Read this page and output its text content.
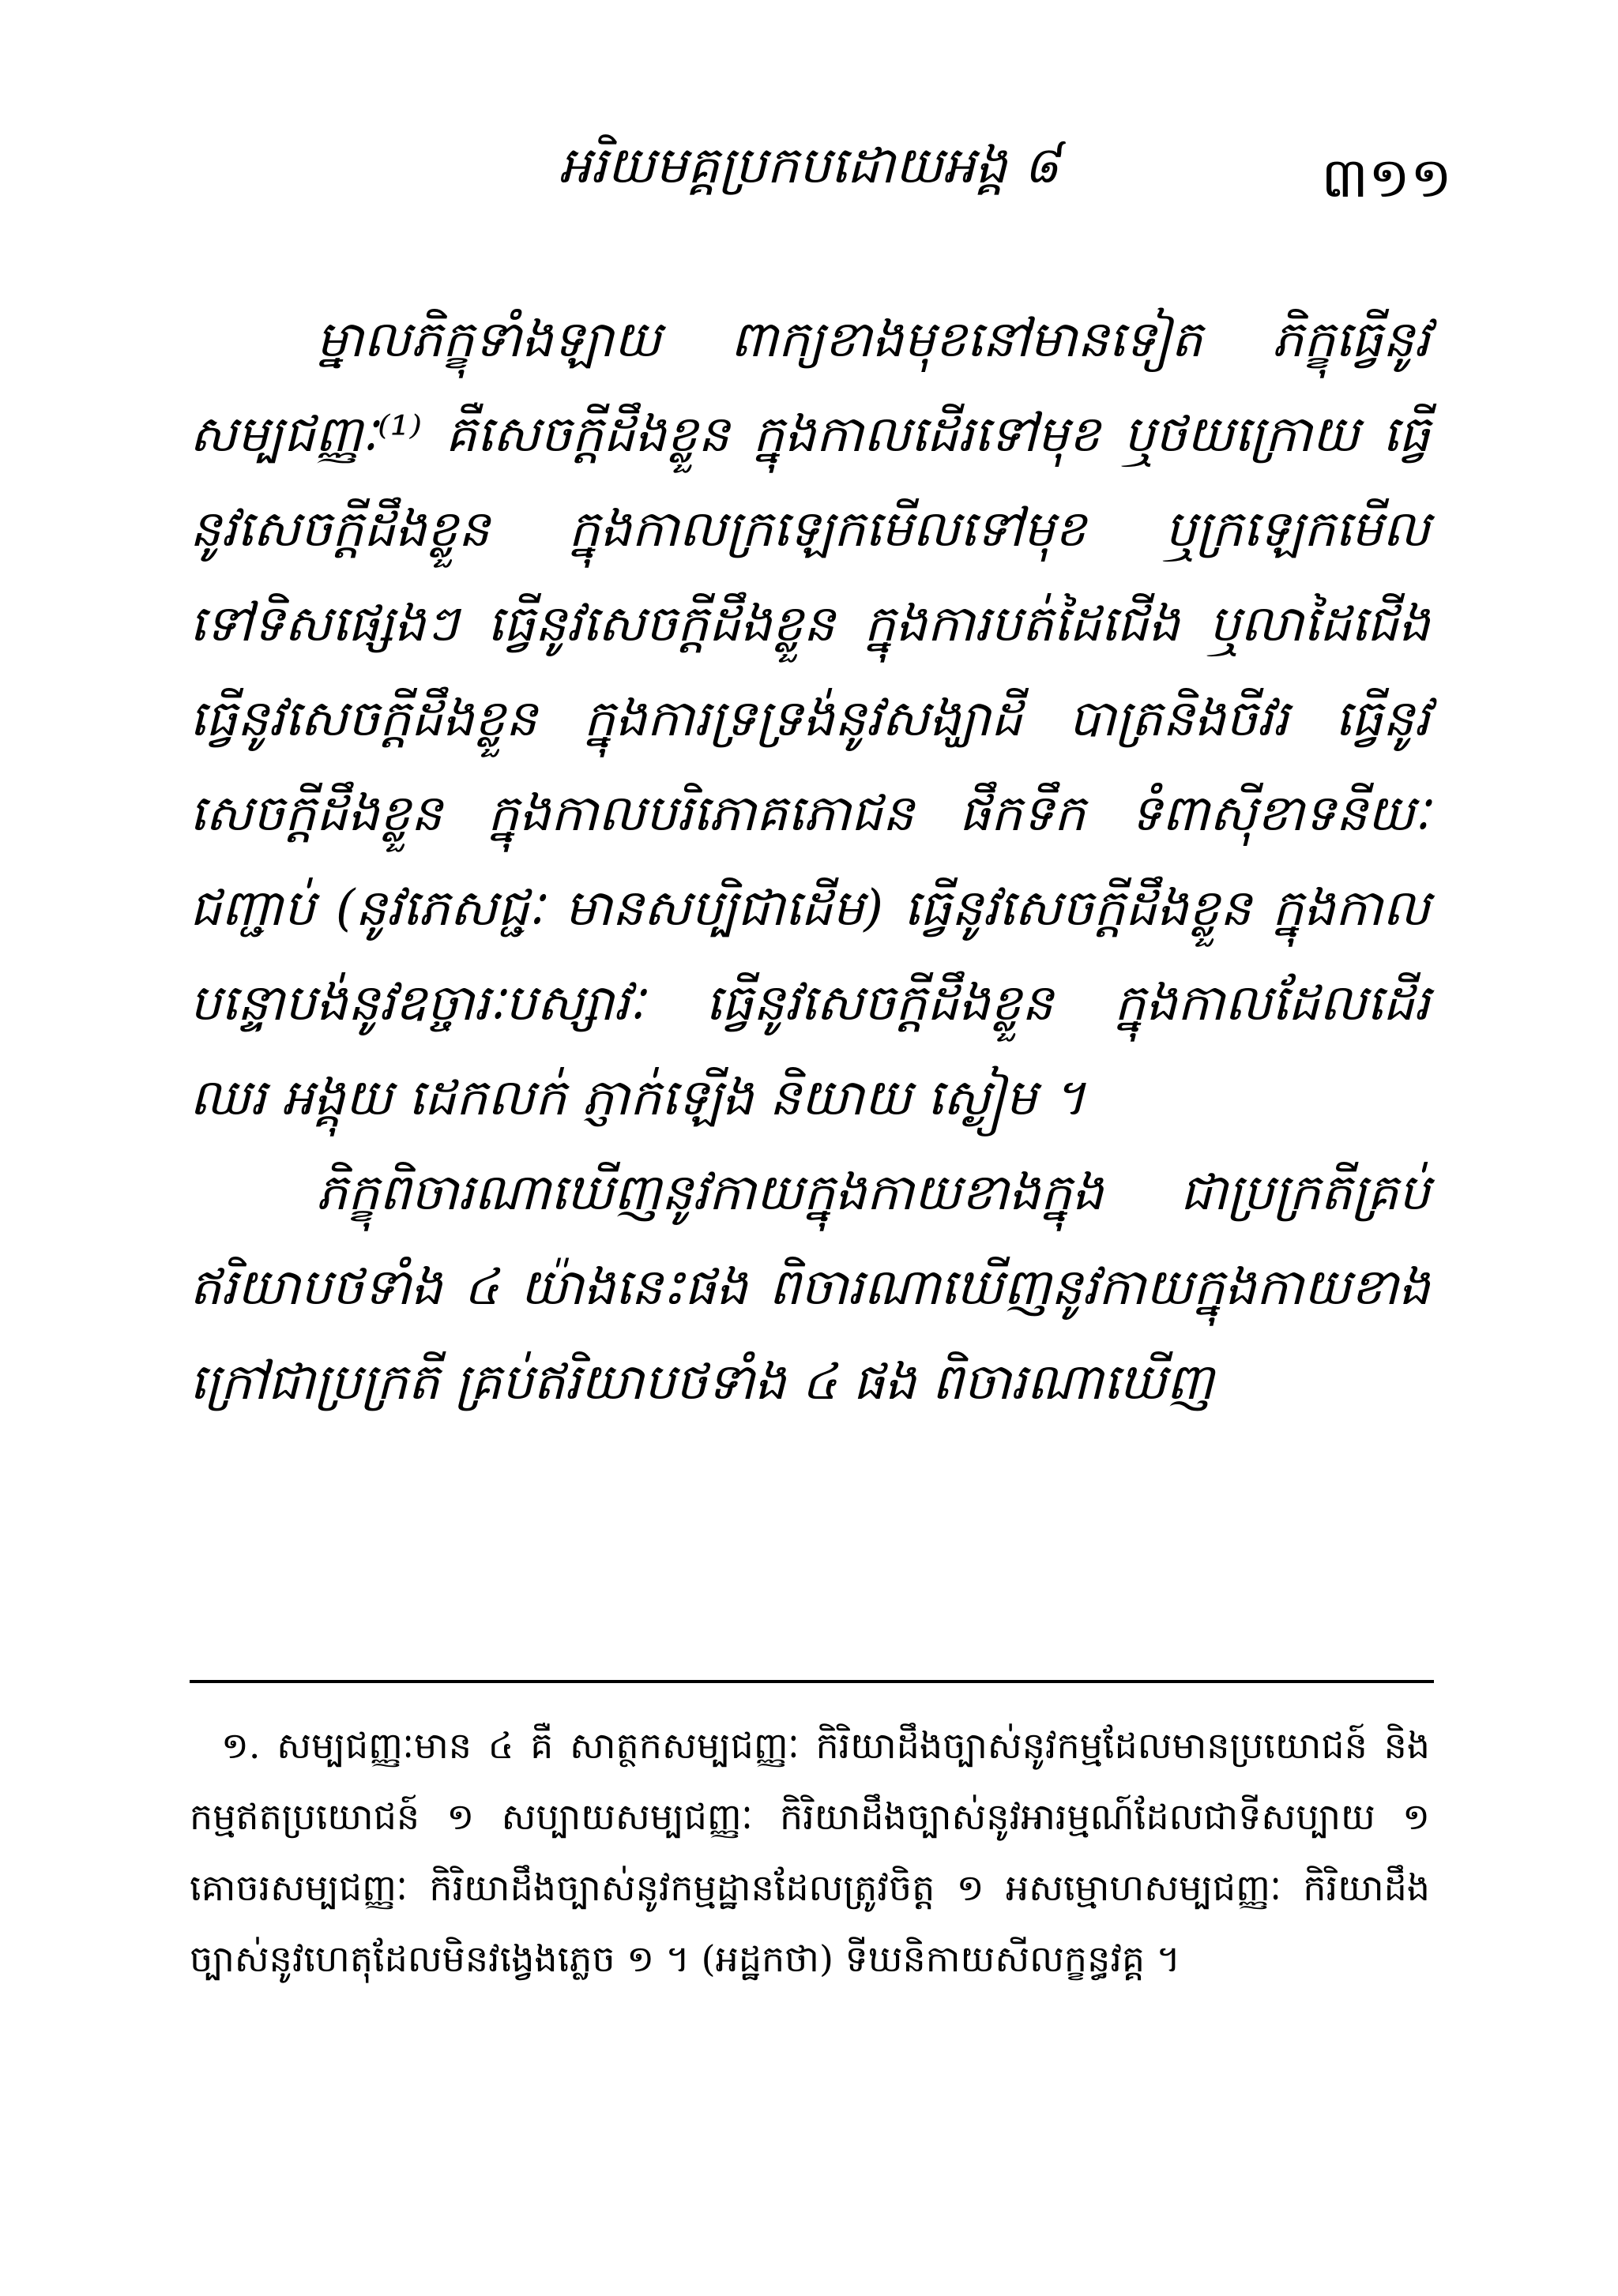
អរិយមគ្គប្រកបដោយអង្គ ៨	៣១១

ម្នាលភិក្ខុទាំងឡាយ ពាក្យខាងមុខនៅមានទៀត ភិក្ខុធ្វើនូវសម្បជញ្ញៈ⁽¹⁾ គឺសេចក្តីដឹងខ្លួន ក្នុងកាលដើរទៅមុខ ឬថយក្រោយ ធ្វើនូវសេចក្តីដឹងខ្លួន ក្នុងកាលក្រឡេកមើលទៅមុខ ឬក្រឡេកមើលទៅទិសផ្សេងៗ ធ្វើនូវសេចក្តីដឹងខ្លួន ក្នុងការបត់ដៃជើង ឬលាដៃជើង ធ្វើនូវសេចក្តីដឹងខ្លួន ក្នុងការទ្រទ្រង់នូវសង្ឃាដី បាត្រនិងចីវរ ធ្វើនូវសេចក្តីដឹងខ្លួន ក្នុងកាលបរិភោគភោជន ផឹកទឹក ទំពាស៊ីខាទនីយៈ ជញ្ជាប់ (នូវភេសជ្ជៈ មានសប្បិជាដើម) ធ្វើនូវសេចក្តីដឹងខ្លួន ក្នុងកាលបន្ទោបង់នូវឧច្ចារៈបស្សាវៈ ធ្វើនូវសេចក្តីដឹងខ្លួន ក្នុងកាលដែលដើរ ឈរ អង្គុយ ដេកលក់ ភ្ញាក់ឡើង និយាយ ស្ងៀម ។

ភិក្ខុពិចារណាឃើញនូវកាយក្នុងកាយខាងក្នុង ជាប្រក្រតីគ្រប់ឥរិយាបថទាំង ៤ យ៉ាងនេះផង ពិចារណាឃើញនូវកាយក្នុងកាយខាងក្រៅជាប្រក្រតី គ្រប់ឥរិយាបថទាំង ៤ ផង ពិចារណាឃើញ

១. សម្បជញ្ញៈមាន ៤ គឺ សាត្ថកសម្បជញ្ញៈ កិរិយាដឹងច្បាស់នូវកម្មដែលមានប្រយោជន៍ និងកម្មឥតប្រយោជន៍ ១ សប្បាយសម្បជញ្ញៈ កិរិយាដឹងច្បាស់នូវអារម្មណ៍ដែលជាទីសប្បាយ ១ គោចរសម្បជញ្ញៈ កិរិយាដឹងច្បាស់នូវកម្មដ្ឋានដែលត្រូវចិត្ត ១ អសម្មោហសម្បជញ្ញៈ កិរិយាដឹងច្បាស់នូវហេតុដែលមិនវង្វេងភ្លេច ១ ។ (អដ្ឋកថា) ទីឃនិកាយសីលក្ខន្ធវគ្គ ។
